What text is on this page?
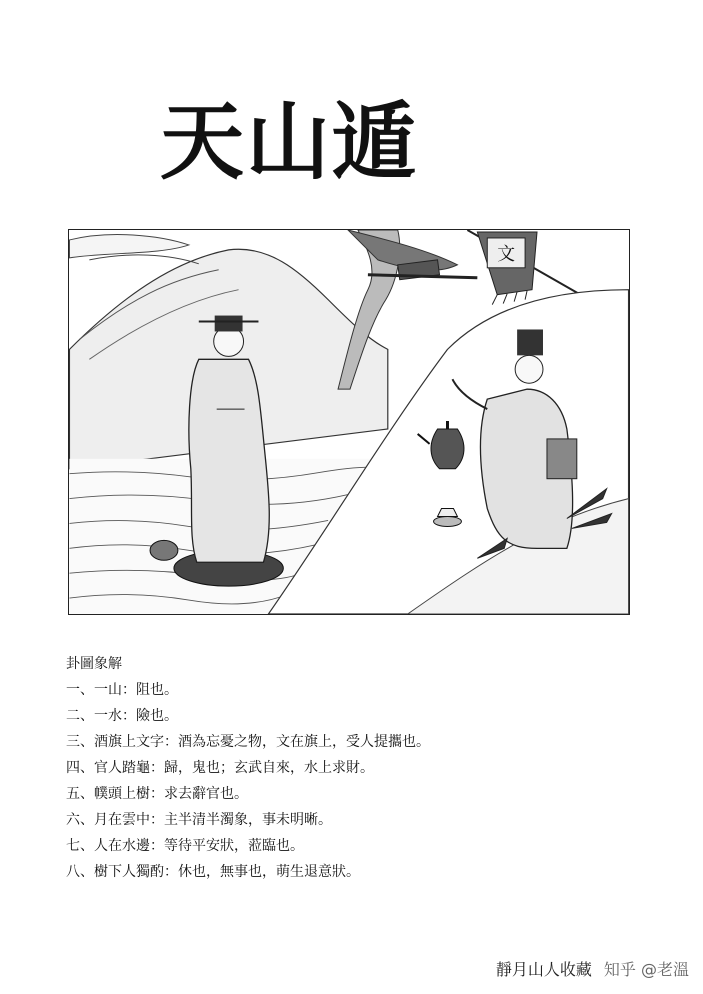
天山遁
文
卦圖象解
一、一山：阻也。
二、一水：險也。
三、酒旗上文字：酒為忘憂之物，文在旗上，受人提攜也。
四、官人踏龜：歸，鬼也；玄武自來，水上求財。
五、幞頭上樹：求去辭官也。
六、月在雲中：主半清半濁象，事未明晰。
七、人在水邊：等待平安狀，蒞臨也。
八、樹下人獨酌：休也，無事也，萌生退意狀。
靜月山人收藏 知乎 @老溫
